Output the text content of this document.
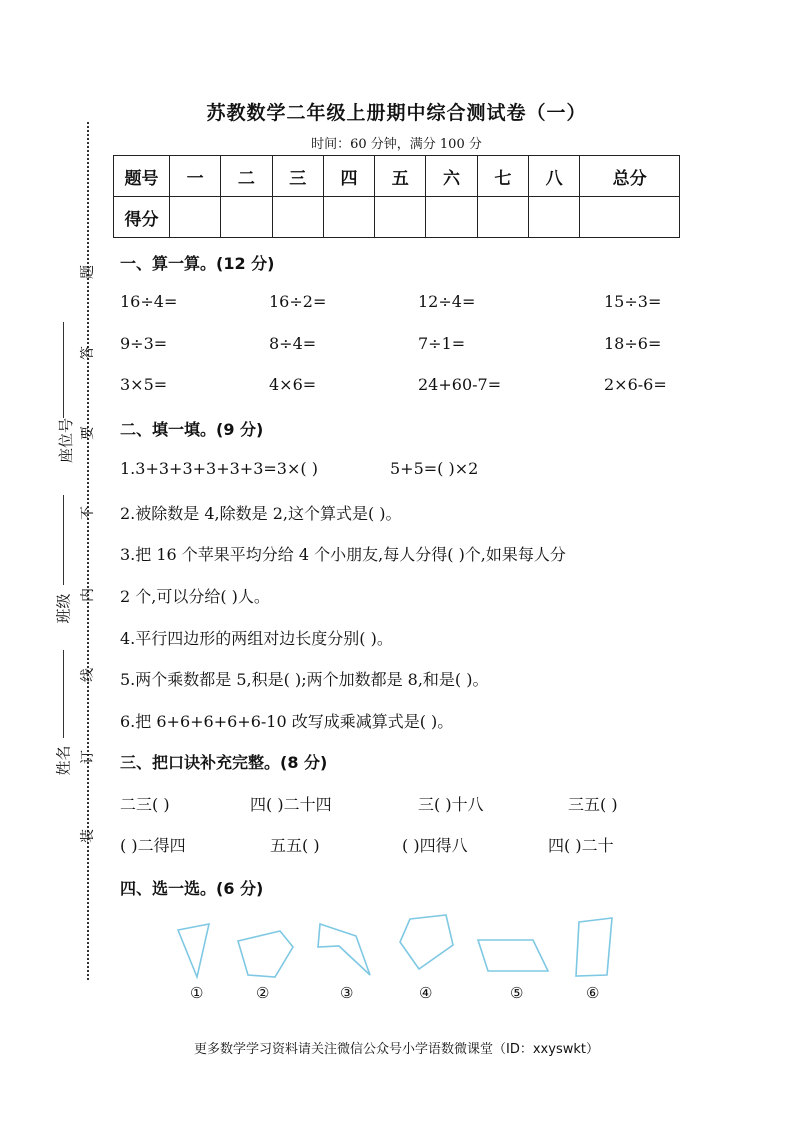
苏教数学二年级上册期中综合测试卷（一）
时间：60 分钟，满分 100 分
题号	一	二	三	四	五	六	七	八	总分
得分									
题
答
要
不
内
线
订
装
座位号
班级
姓名
一、算一算。(12 分)
16÷4=	16÷2=	12÷4=	15÷3=
9÷3=	8÷4=	7÷1=	18÷6=
3×5=	4×6=	24+60-7=	2×6-6=
二、填一填。(9 分)
1.3+3+3+3+3+3=3×( )	5+5=( )×2
2.被除数是 4,除数是 2,这个算式是( )。
3.把 16 个苹果平均分给 4 个小朋友,每人分得( )个,如果每人分
2 个,可以分给( )人。
4.平行四边形的两组对边长度分别( )。
5.两个乘数都是 5,积是( );两个加数都是 8,和是( )。
6.把 6+6+6+6+6-10 改写成乘减算式是( )。
三、把口诀补充完整。(8 分)
二三( )	四( )二十四	三( )十八	三五( )
( )二得四	五五( )	( )四得八	四( )二十
四、选一选。(6 分)
①	②	③	④	⑤	⑥
更多数学学习资料请关注微信公众号小学语数微课堂（ID：xxyswkt）
